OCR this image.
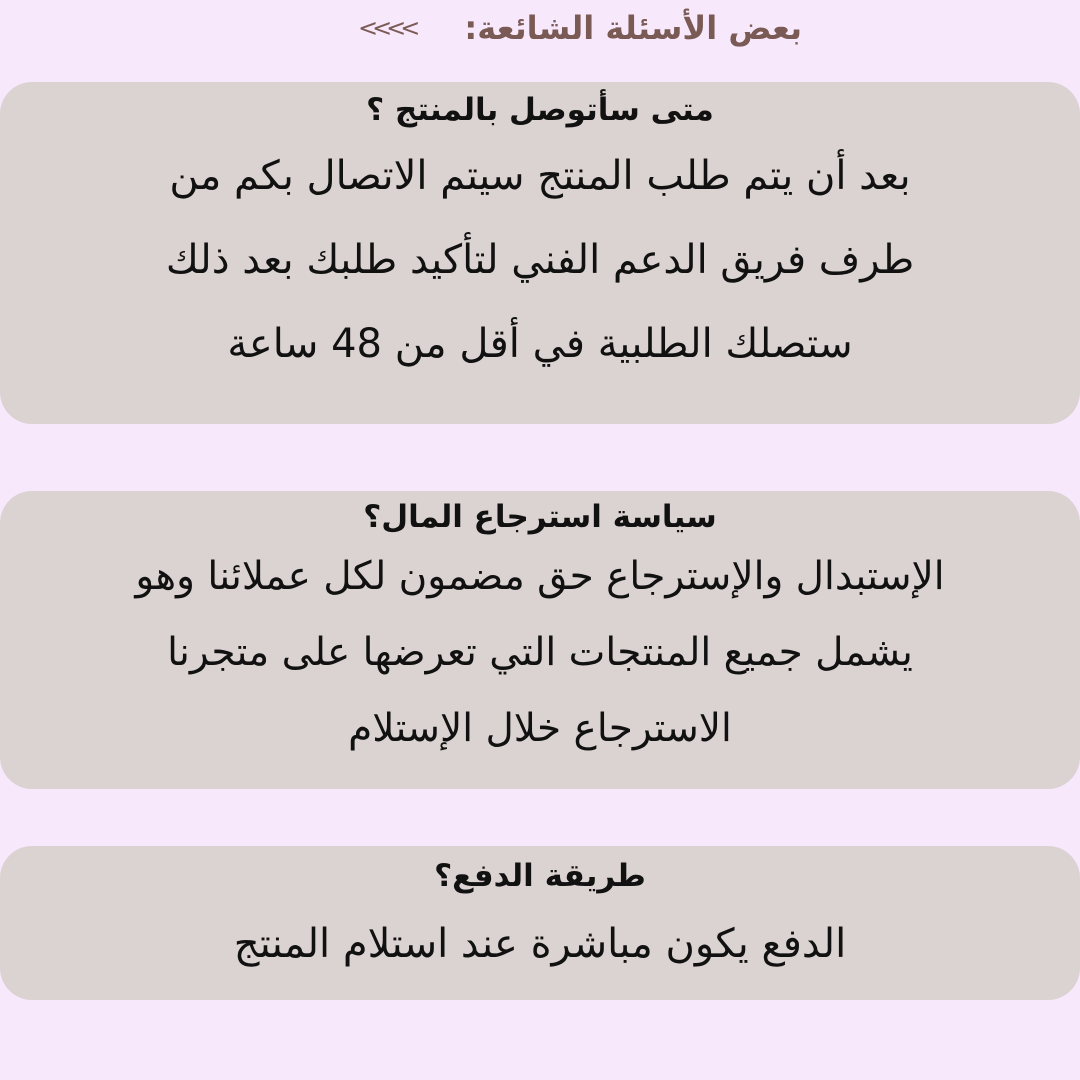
بعض الأسئلة الشائعة:
<<<<
متى سأتوصل بالمنتج ؟
بعد أن يتم طلب المنتج سيتم الاتصال بكم من
طرف فريق الدعم الفني لتأكيد طلبك بعد ذلك
ستصلك الطلبية في أقل من 48 ساعة
سياسة استرجاع المال؟
الإستبدال والإسترجاع حق مضمون لكل عملائنا وهو
يشمل جميع المنتجات التي تعرضها على متجرنا
الاسترجاع خلال الإستلام
طريقة الدفع؟
الدفع يكون مباشرة عند استلام المنتج
